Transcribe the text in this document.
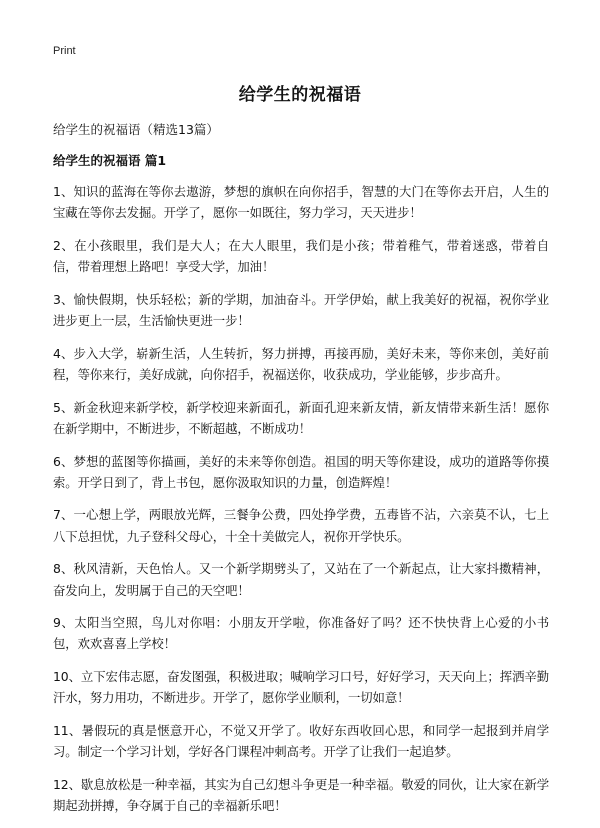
Print
给学生的祝福语
给学生的祝福语（精选13篇）
给学生的祝福语 篇1

1、知识的蓝海在等你去遨游，梦想的旗帜在向你招手，智慧的大门在等你去开启，人生的宝藏在等你去发掘。开学了，愿你一如既往，努力学习，天天进步！

2、在小孩眼里，我们是大人；在大人眼里，我们是小孩；带着稚气，带着迷惑，带着自信，带着理想上路吧！享受大学，加油！

3、愉快假期，快乐轻松；新的学期，加油奋斗。开学伊始，献上我美好的祝福，祝你学业进步更上一层，生活愉快更进一步！

4、步入大学，崭新生活，人生转折，努力拼搏，再接再励，美好未来，等你来创，美好前程，等你来行，美好成就，向你招手，祝福送你，收获成功，学业能够，步步高升。

5、新金秋迎来新学校，新学校迎来新面孔，新面孔迎来新友情，新友情带来新生活！愿你在新学期中，不断进步，不断超越，不断成功！

6、梦想的蓝图等你描画，美好的未来等你创造。祖国的明天等你建设，成功的道路等你摸索。开学日到了，背上书包，愿你汲取知识的力量，创造辉煌！

7、一心想上学，两眼放光辉，三餐争公费，四处挣学费，五毒皆不沾，六亲莫不认，七上八下总担忧，九子登科父母心，十全十美做完人，祝你开学快乐。

8、秋风清新，天色怡人。又一个新学期劈头了，又站在了一个新起点，让大家抖擞精神，奋发向上，发明属于自己的天空吧！

9、太阳当空照，鸟儿对你唱：小朋友开学啦，你准备好了吗？还不快快背上心爱的小书包，欢欢喜喜上学校！

10、立下宏伟志愿，奋发图强，积极进取；喊响学习口号，好好学习，天天向上；挥洒辛勤汗水，努力用功，不断进步。开学了，愿你学业顺利，一切如意！

11、暑假玩的真是惬意开心，不觉又开学了。收好东西收回心思，和同学一起报到并肩学习。制定一个学习计划，学好各门课程冲刺高考。开学了让我们一起追梦。

12、歇息放松是一种幸福，其实为自己幻想斗争更是一种幸福。敬爱的同伙，让大家在新学期起劲拼搏，争夺属于自己的幸福新乐吧！
